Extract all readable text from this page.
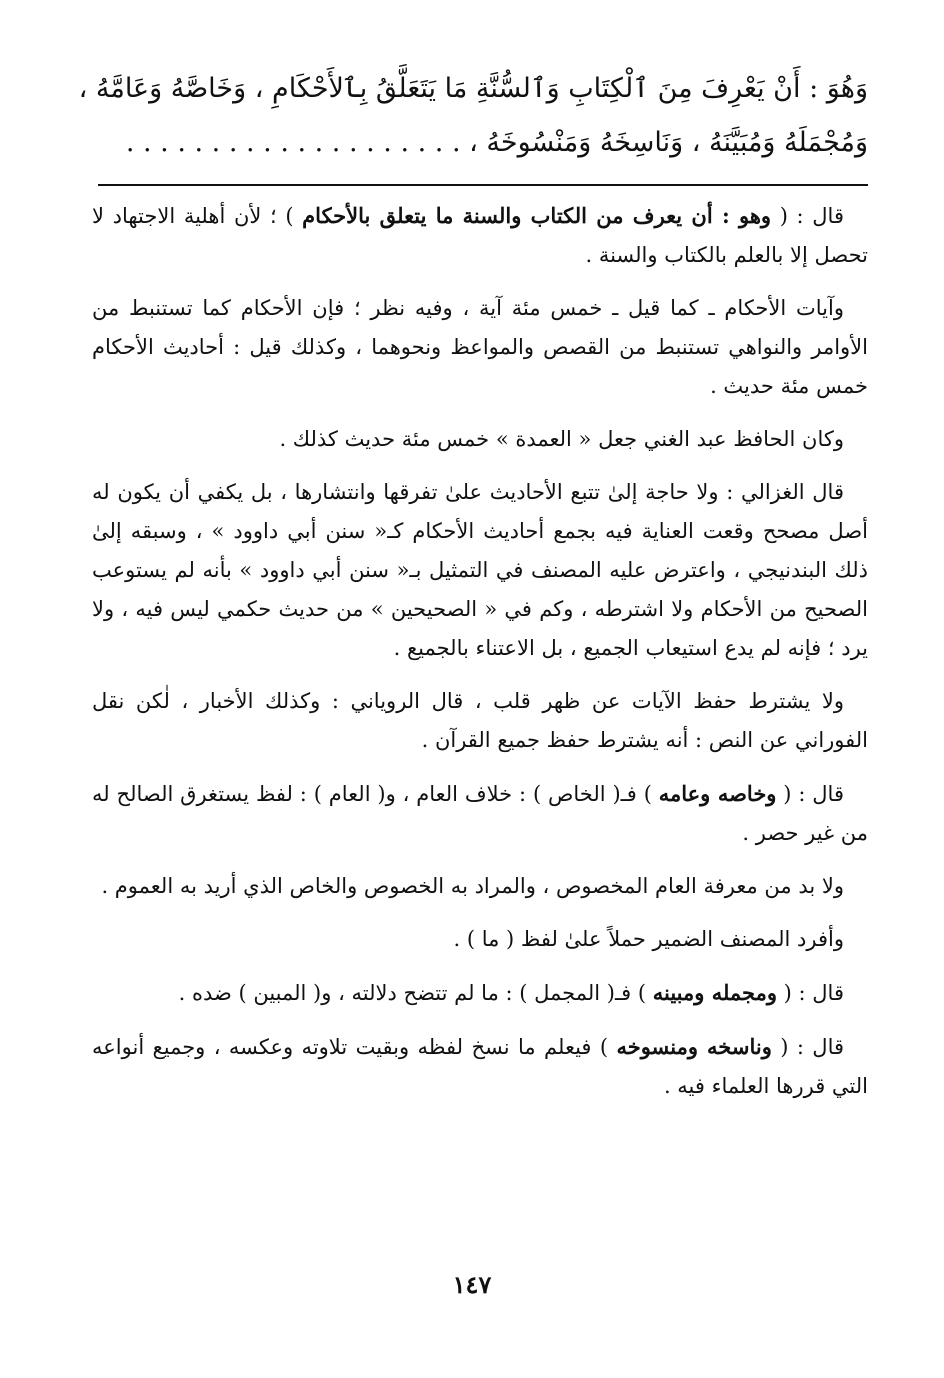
وَهُوَ : أَنْ يَعْرِفَ مِنَ ٱلْكِتَابِ وَٱلسُّنَّةِ مَا يَتَعَلَّقُ بِٱلأَحْكَامِ ، وَخَاصَّهُ وَعَامَّهُ ،

وَمُجْمَلَهُ وَمُبَيَّنَهُ ، وَنَاسِخَهُ وَمَنْسُوخَهُ ، . . . . . . . . . . . . . . . . . . . .

قال : ( وهو : أن يعرف من الكتاب والسنة ما يتعلق بالأحكام ) ؛ لأن أهلية الاجتهاد لا تحصل إلا بالعلم بالكتاب والسنة .

وآيات الأحكام ـ كما قيل ـ خمس مئة آية ، وفيه نظر ؛ فإن الأحكام كما تستنبط من الأوامر والنواهي تستنبط من القصص والمواعظ ونحوهما ، وكذلك قيل : أحاديث الأحكام خمس مئة حديث .

وكان الحافظ عبد الغني جعل « العمدة » خمس مئة حديث كذلك .

قال الغزالي : ولا حاجة إلىٰ تتبع الأحاديث علىٰ تفرقها وانتشارها ، بل يكفي أن يكون له أصل مصحح وقعت العناية فيه بجمع أحاديث الأحكام كـ« سنن أبي داوود » ، وسبقه إلىٰ ذلك البندنيجي ، واعترض عليه المصنف في التمثيل بـ« سنن أبي داوود » بأنه لم يستوعب الصحيح من الأحكام ولا اشترطه ، وكم في « الصحيحين » من حديث حكمي ليس فيه ، ولا يرد ؛ فإنه لم يدع استيعاب الجميع ، بل الاعتناء بالجميع .

ولا يشترط حفظ الآيات عن ظهر قلب ، قال الروياني : وكذلك الأخبار ، لٰكن نقل الفوراني عن النص : أنه يشترط حفظ جميع القرآن .

قال : ( وخاصه وعامه ) فـ( الخاص ) : خلاف العام ، و( العام ) : لفظ يستغرق الصالح له من غير حصر .

ولا بد من معرفة العام المخصوص ، والمراد به الخصوص والخاص الذي أريد به العموم .

وأفرد المصنف الضمير حملاً علىٰ لفظ ( ما ) .

قال : ( ومجمله ومبينه ) فـ( المجمل ) : ما لم تتضح دلالته ، و( المبين ) ضده .

قال : ( وناسخه ومنسوخه ) فيعلم ما نسخ لفظه وبقيت تلاوته وعكسه ، وجميع أنواعه التي قررها العلماء فيه .

١٤٧
